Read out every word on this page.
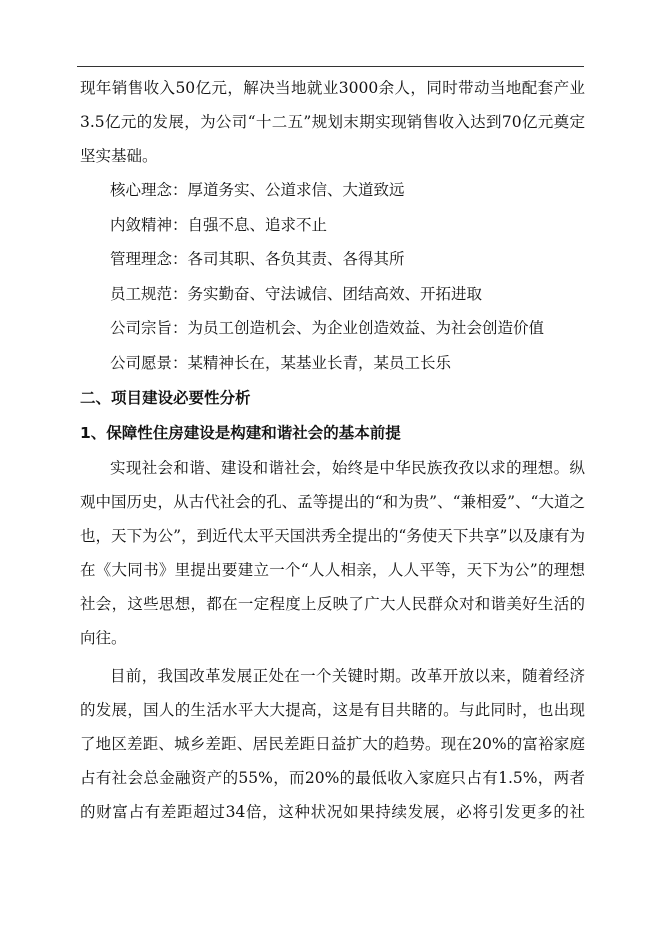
现年销售收入50亿元，解决当地就业3000余人，同时带动当地配套产业
3.5亿元的发展，为公司“十二五”规划末期实现销售收入达到70亿元奠定
坚实基础。

核心理念：厚道务实、公道求信、大道致远

内敛精神：自强不息、追求不止

管理理念：各司其职、各负其责、各得其所

员工规范：务实勤奋、守法诚信、团结高效、开拓进取

公司宗旨：为员工创造机会、为企业创造效益、为社会创造价值

公司愿景：某精神长在，某基业长青，某员工长乐

二、项目建设必要性分析

1、保障性住房建设是构建和谐社会的基本前提

实现社会和谐、建设和谐社会，始终是中华民族孜孜以求的理想。纵
观中国历史，从古代社会的孔、孟等提出的“和为贵”、“兼相爱”、“大道之
也，天下为公”，到近代太平天国洪秀全提出的“务使天下共享”以及康有为
在《大同书》里提出要建立一个“人人相亲，人人平等，天下为公”的理想
社会，这些思想，都在一定程度上反映了广大人民群众对和谐美好生活的
向往。
目前，我国改革发展正处在一个关键时期。改革开放以来，随着经济
的发展，国人的生活水平大大提高，这是有目共睹的。与此同时，也出现
了地区差距、城乡差距、居民差距日益扩大的趋势。现在20%的富裕家庭
占有社会总金融资产的55%，而20%的最低收入家庭只占有1.5%，两者
的财富占有差距超过34倍，这种状况如果持续发展，必将引发更多的社
